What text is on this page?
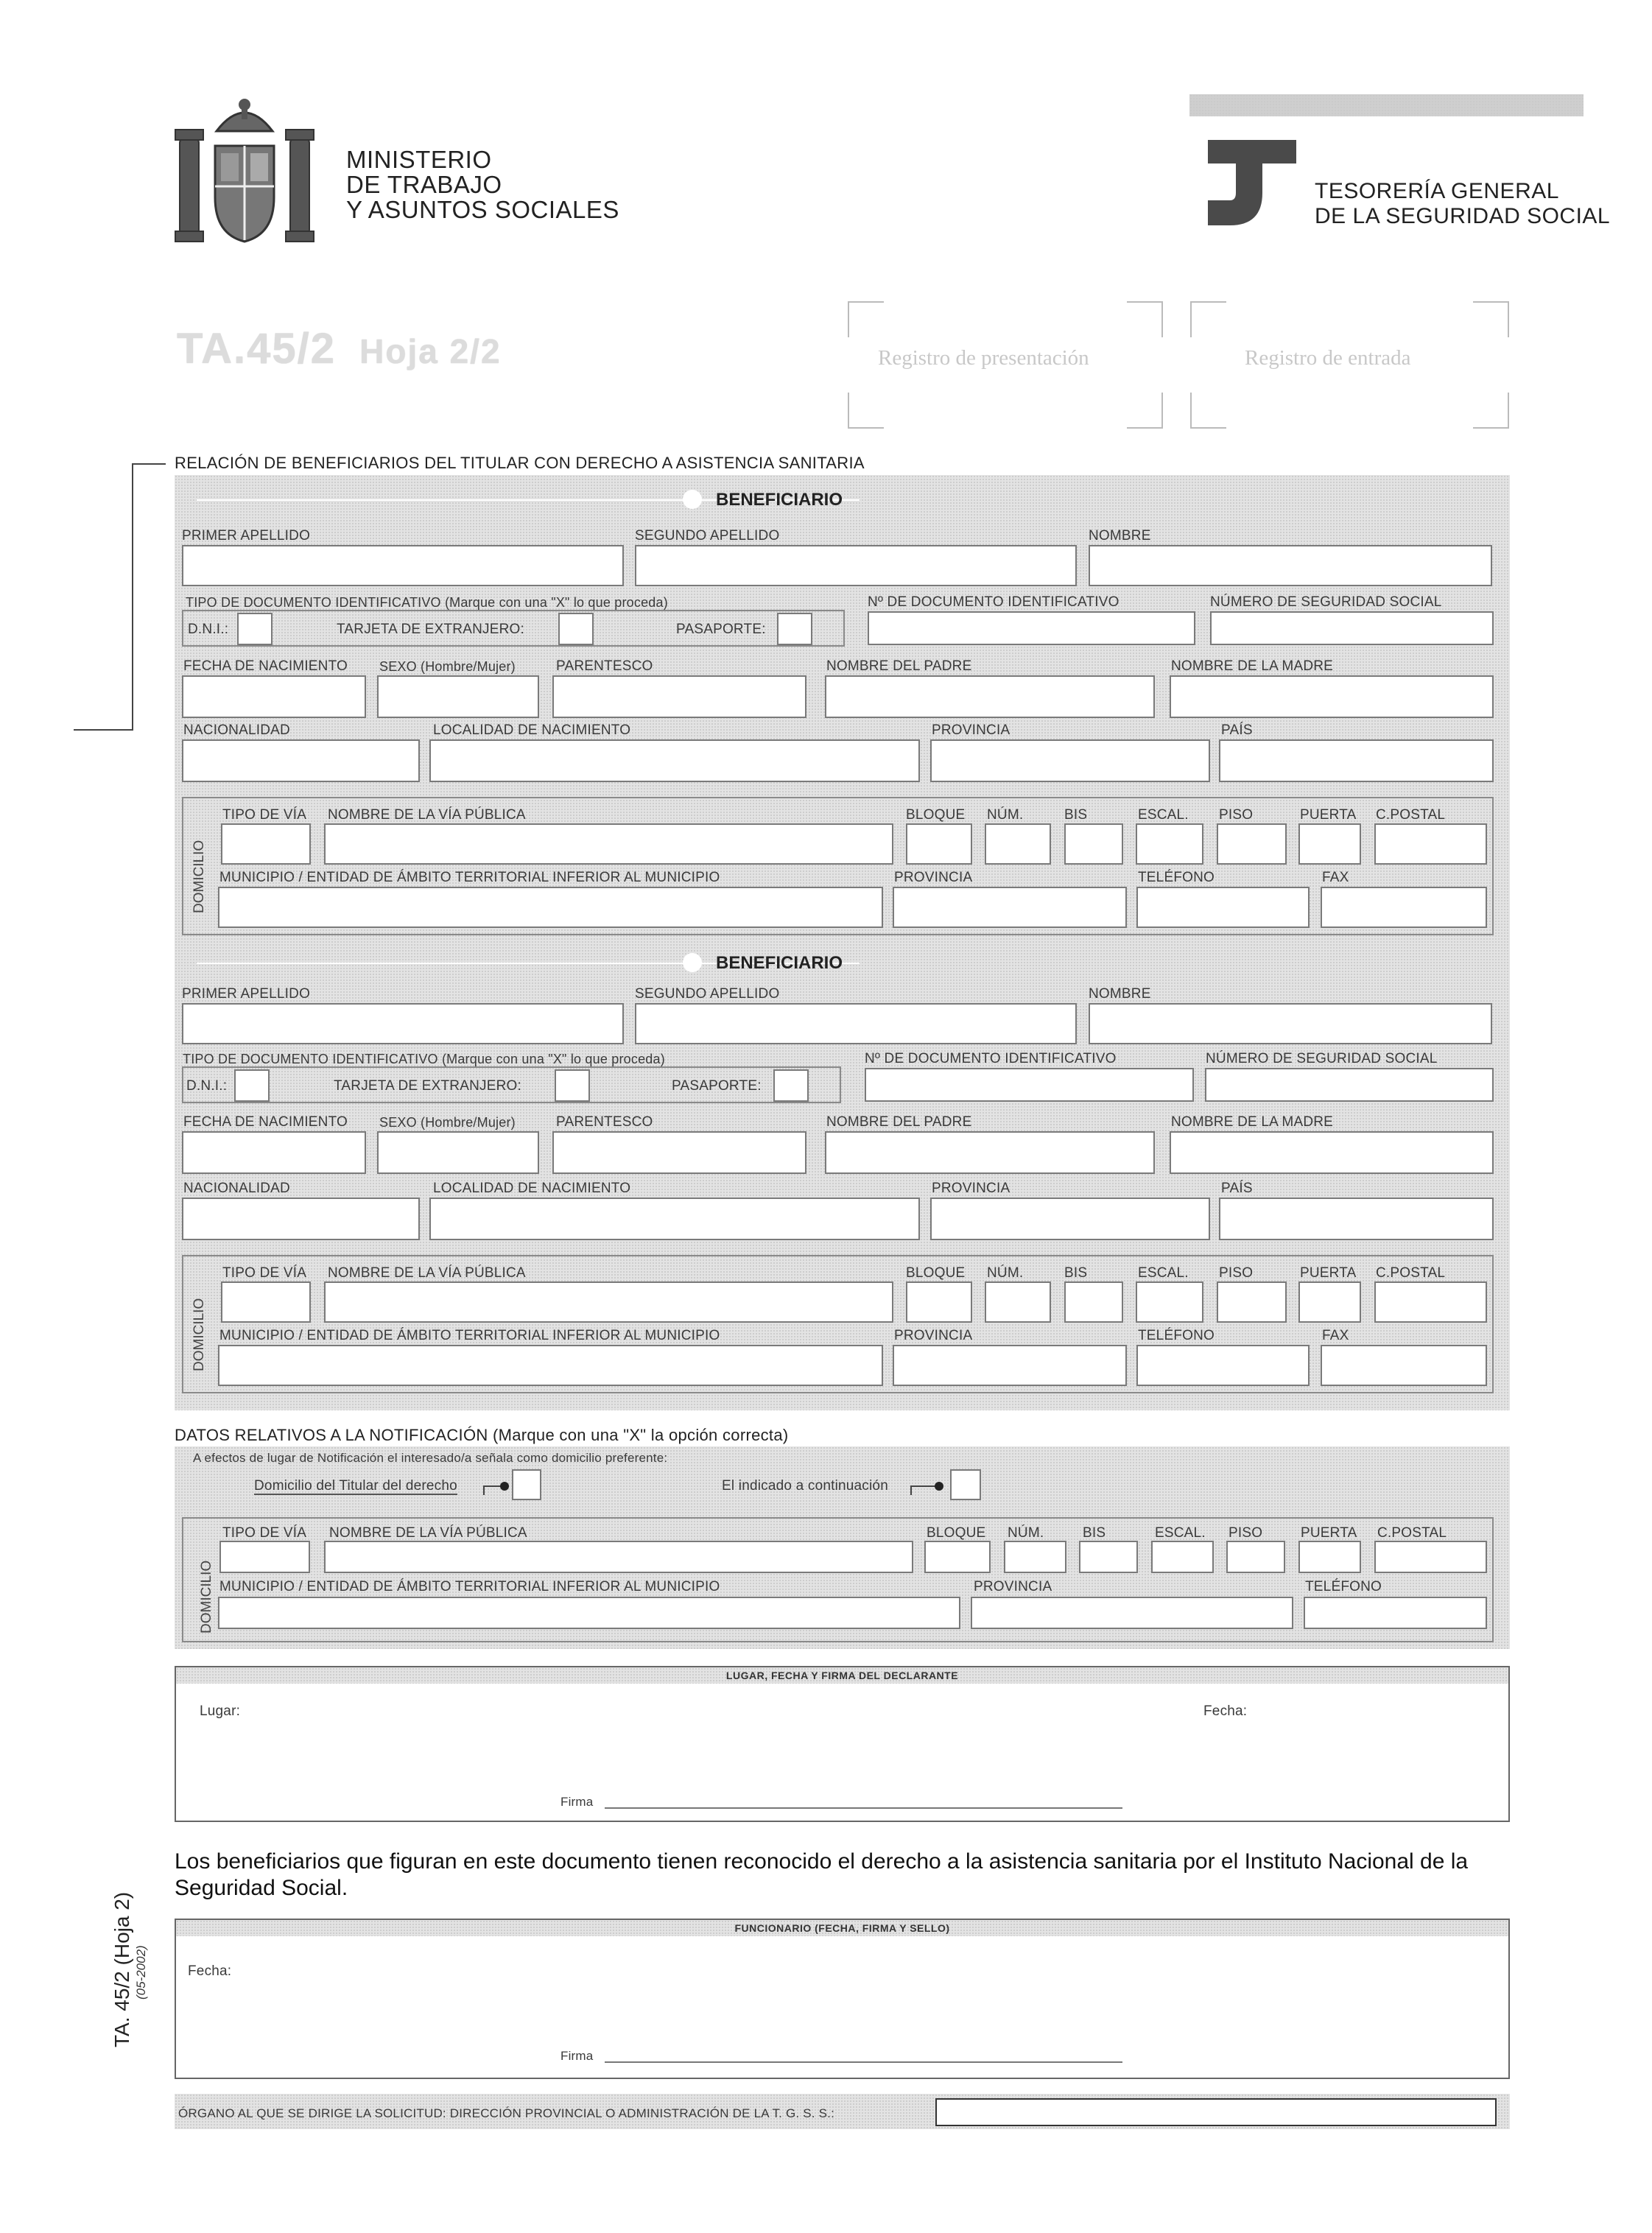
MINISTERIO
DE TRABAJO
Y ASUNTOS SOCIALES
TESORERÍA GENERAL
DE LA SEGURIDAD SOCIAL
TA.45/2 Hoja 2/2	Registro de presentación	Registro de entrada
RELACIÓN DE BENEFICIARIOS DEL TITULAR CON DERECHO A ASISTENCIA SANITARIA
BENEFICIARIO
PRIMER APELLIDO	SEGUNDO APELLIDO	NOMBRE
TIPO DE DOCUMENTO IDENTIFICATIVO (Marque con una "X" lo que proceda)
D.N.I.:	TARJETA DE EXTRANJERO:	PASAPORTE:
Nº DE DOCUMENTO IDENTIFICATIVO	NÚMERO DE SEGURIDAD SOCIAL
FECHA DE NACIMIENTO SEXO (Hombre/Mujer)	PARENTESCO	NOMBRE DEL PADRE	NOMBRE DE LA MADRE
NACIONALIDAD	LOCALIDAD DE NACIMIENTO	PROVINCIA	PAÍS
DOMICILIO
TIPO DE VÍA NOMBRE DE LA VÍA PÚBLICA	BLOQUE NÚM.	BIS	ESCAL. PISO	PUERTA C.POSTAL
MUNICIPIO / ENTIDAD DE ÁMBITO TERRITORIAL INFERIOR AL MUNICIPIO	PROVINCIA	TELÉFONO	FAX
BENEFICIARIO
PRIMER APELLIDO	SEGUNDO APELLIDO	NOMBRE
TIPO DE DOCUMENTO IDENTIFICATIVO (Marque con una "X" lo que proceda)
D.N.I.:	TARJETA DE EXTRANJERO:	PASAPORTE:
Nº DE DOCUMENTO IDENTIFICATIVO	NÚMERO DE SEGURIDAD SOCIAL
FECHA DE NACIMIENTO SEXO (Hombre/Mujer)	PARENTESCO	NOMBRE DEL PADRE	NOMBRE DE LA MADRE
NACIONALIDAD	LOCALIDAD DE NACIMIENTO	PROVINCIA	PAÍS
DOMICILIO
TIPO DE VÍA NOMBRE DE LA VÍA PÚBLICA	BLOQUE NÚM.	BIS	ESCAL. PISO	PUERTA C.POSTAL
MUNICIPIO / ENTIDAD DE ÁMBITO TERRITORIAL INFERIOR AL MUNICIPIO	PROVINCIA	TELÉFONO	FAX
DATOS RELATIVOS A LA NOTIFICACIÓN (Marque con una "X" la opción correcta)
A efectos de lugar de Notificación el interesado/a señala como domicilio preferente:
Domicilio del Titular del derecho	El indicado a continuación
DOMICILIO
TIPO DE VÍA NOMBRE DE LA VÍA PÚBLICA	BLOQUE NÚM.	BIS	ESCAL. PISO	PUERTA C.POSTAL
MUNICIPIO / ENTIDAD DE ÁMBITO TERRITORIAL INFERIOR AL MUNICIPIO	PROVINCIA	TELÉFONO
LUGAR, FECHA Y FIRMA DEL DECLARANTE
Lugar:	Fecha:
Firma
Los beneficiarios que figuran en este documento tienen reconocido el derecho a la asistencia sanitaria por el Instituto Nacional de la Seguridad Social.
FUNCIONARIO (FECHA, FIRMA Y SELLO)
Fecha:
Firma
ÓRGANO AL QUE SE DIRIGE LA SOLICITUD: DIRECCIÓN PROVINCIAL O ADMINISTRACIÓN DE LA T. G. S. S.:
TA. 45/2 (Hoja 2) (05-2002)
